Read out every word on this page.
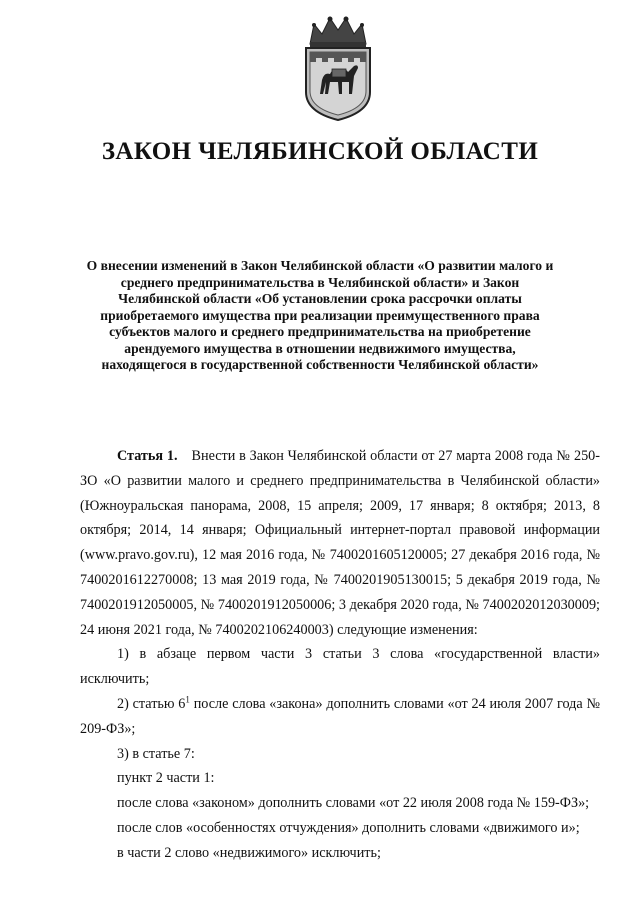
ЗАКОН ЧЕЛЯБИНСКОЙ ОБЛАСТИ

О внесении изменений в Закон Челябинской области «О развитии малого и среднего предпринимательства в Челябинской области» и Закон Челябинской области «Об установлении срока рассрочки оплаты приобретаемого имущества при реализации преимущественного права субъектов малого и среднего предпринимательства на приобретение арендуемого имущества в отношении недвижимого имущества, находящегося в государственной собственности Челябинской области»

Статья 1. Внести в Закон Челябинской области от 27 марта 2008 года № 250-ЗО «О развитии малого и среднего предпринимательства в Челябинской области» (Южноуральская панорама, 2008, 15 апреля; 2009, 17 января; 8 октября; 2013, 8 октября; 2014, 14 января; Официальный интернет-портал правовой информации (www.pravo.gov.ru), 12 мая 2016 года, № 7400201605120005; 27 декабря 2016 года, № 7400201612270008; 13 мая 2019 года, № 7400201905130015; 5 декабря 2019 года, № 7400201912050005, № 7400201912050006; 3 декабря 2020 года, № 7400202012030009; 24 июня 2021 года, № 7400202106240003) следующие изменения:

1) в абзаце первом части 3 статьи 3 слова «государственной власти» исключить;

2) статью $6^1$ после слова «закона» дополнить словами «от 24 июля 2007 года № 209-ФЗ»;

3) в статье 7:

пункт 2 части 1:

после слова «законом» дополнить словами «от 22 июля 2008 года № 159-ФЗ»;

после слов «особенностях отчуждения» дополнить словами «движимого и»;

в части 2 слово «недвижимого» исключить;
